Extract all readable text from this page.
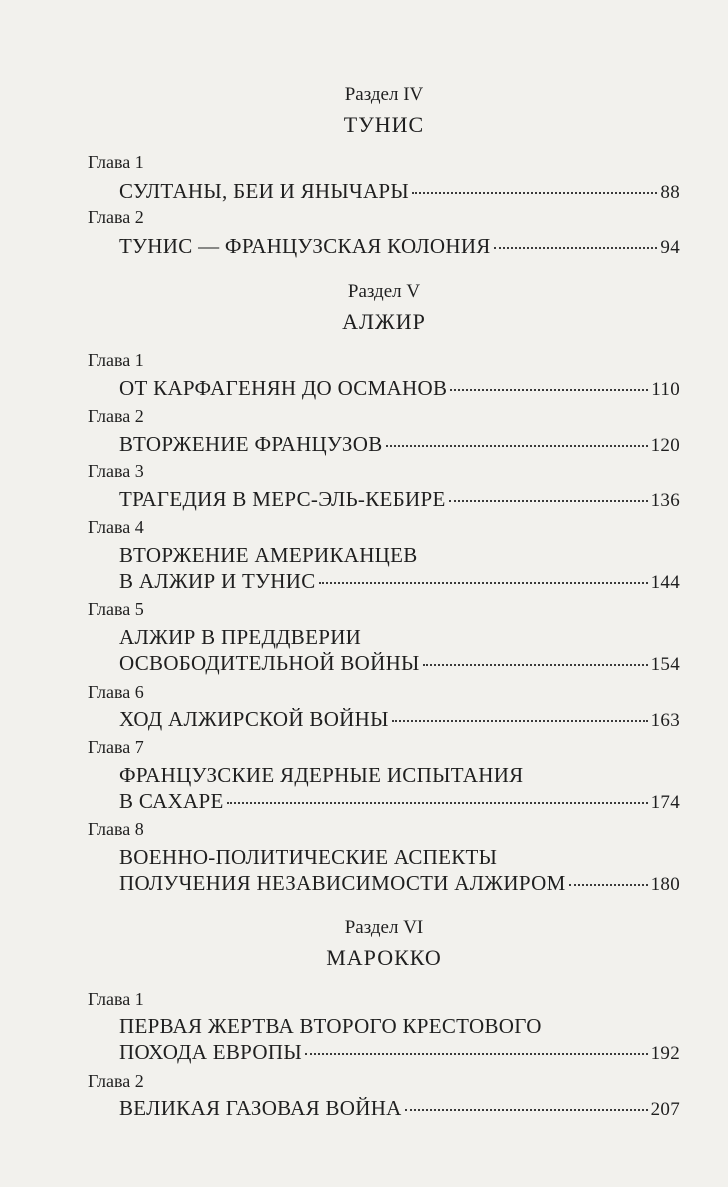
Раздел IV
ТУНИС
Глава 1
СУЛТАНЫ, БЕИ И ЯНЫЧАРЫ	88
Глава 2
ТУНИС — ФРАНЦУЗСКАЯ КОЛОНИЯ	94
Раздел V
АЛЖИР
Глава 1
ОТ КАРФАГЕНЯН ДО ОСМАНОВ	110
Глава 2
ВТОРЖЕНИЕ ФРАНЦУЗОВ	120
Глава 3
ТРАГЕДИЯ В МЕРС-ЭЛЬ-КЕБИРЕ	136
Глава 4
ВТОРЖЕНИЕ АМЕРИКАНЦЕВ
В АЛЖИР И ТУНИС	144
Глава 5
АЛЖИР В ПРЕДДВЕРИИ
ОСВОБОДИТЕЛЬНОЙ ВОЙНЫ	154
Глава 6
ХОД АЛЖИРСКОЙ ВОЙНЫ	163
Глава 7
ФРАНЦУЗСКИЕ ЯДЕРНЫЕ ИСПЫТАНИЯ
В САХАРЕ	174
Глава 8
ВОЕННО-ПОЛИТИЧЕСКИЕ АСПЕКТЫ
ПОЛУЧЕНИЯ НЕЗАВИСИМОСТИ АЛЖИРОМ	180
Раздел VI
МАРОККО
Глава 1
ПЕРВАЯ ЖЕРТВА ВТОРОГО КРЕСТОВОГО
ПОХОДА ЕВРОПЫ	192
Глава 2
ВЕЛИКАЯ ГАЗОВАЯ ВОЙНА	207
